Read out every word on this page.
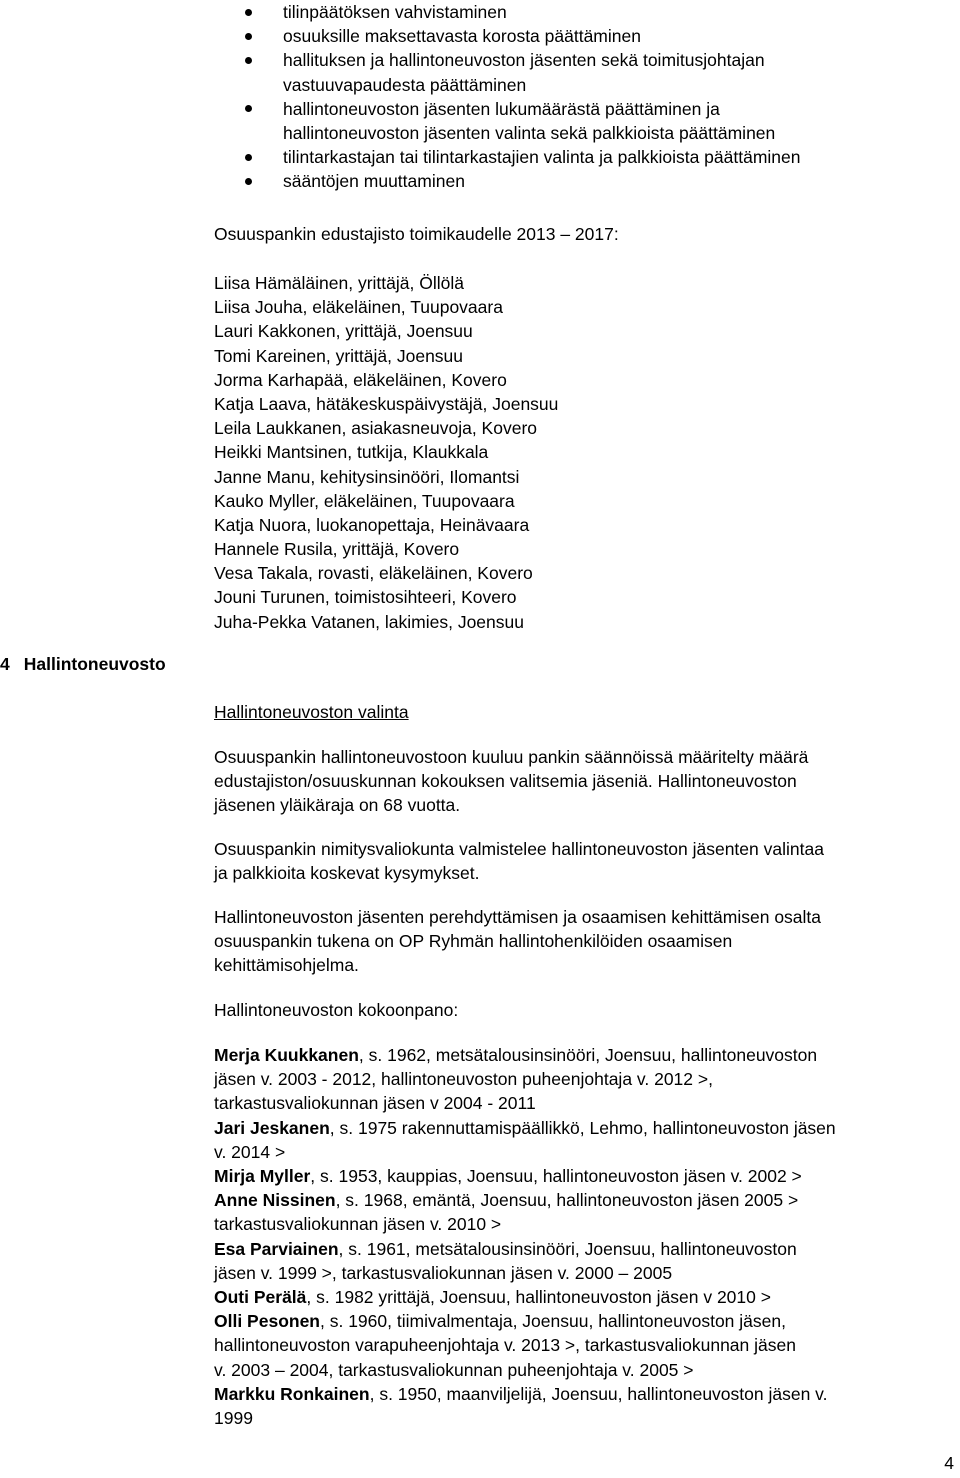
tilinpäätöksen vahvistaminen
osuuksille maksettavasta korosta päättäminen
hallituksen ja hallintoneuvoston jäsenten sekä toimitusjohtajan
vastuuvapaudesta päättäminen
hallintoneuvoston jäsenten lukumäärästä päättäminen ja
hallintoneuvoston jäsenten valinta sekä palkkioista päättäminen
tilintarkastajan tai tilintarkastajien valinta ja palkkioista päättäminen
sääntöjen muuttaminen
Osuuspankin edustajisto toimikaudelle 2013 – 2017:
Liisa Hämäläinen, yrittäjä, Öllölä
Liisa Jouha, eläkeläinen, Tuupovaara
Lauri Kakkonen, yrittäjä, Joensuu
Tomi Kareinen, yrittäjä, Joensuu
Jorma Karhapää, eläkeläinen, Kovero
Katja Laava, hätäkeskuspäivystäjä, Joensuu
Leila Laukkanen, asiakasneuvoja, Kovero
Heikki Mantsinen, tutkija, Klaukkala
Janne Manu, kehitysinsinööri, Ilomantsi
Kauko Myller, eläkeläinen, Tuupovaara
Katja Nuora, luokanopettaja, Heinävaara
Hannele Rusila, yrittäjä, Kovero
Vesa Takala, rovasti, eläkeläinen, Kovero
Jouni Turunen, toimistosihteeri, Kovero
Juha-Pekka Vatanen, lakimies, Joensuu
4 Hallintoneuvosto
Hallintoneuvoston valinta
Osuuspankin hallintoneuvostoon kuuluu pankin säännöissä määritelty määrä
edustajiston/osuuskunnan kokouksen valitsemia jäseniä. Hallintoneuvoston
jäsenen yläikäraja on 68 vuotta.
Osuuspankin nimitysvaliokunta valmistelee hallintoneuvoston jäsenten valintaa
ja palkkioita koskevat kysymykset.
Hallintoneuvoston jäsenten perehdyttämisen ja osaamisen kehittämisen osalta
osuuspankin tukena on OP Ryhmän hallintohenkilöiden osaamisen
kehittämisohjelma.
Hallintoneuvoston kokoonpano:
Merja Kuukkanen, s. 1962, metsätalousinsinööri, Joensuu, hallintoneuvoston
jäsen v. 2003 - 2012, hallintoneuvoston puheenjohtaja v. 2012 >,
tarkastusvaliokunnan jäsen v 2004 - 2011
Jari Jeskanen, s. 1975 rakennuttamispäällikkö, Lehmo, hallintoneuvoston jäsen
v. 2014 >
Mirja Myller, s. 1953, kauppias, Joensuu, hallintoneuvoston jäsen v. 2002 >
Anne Nissinen, s. 1968, emäntä, Joensuu, hallintoneuvoston jäsen 2005 >
tarkastusvaliokunnan jäsen v. 2010 >
Esa Parviainen, s. 1961, metsätalousinsinööri, Joensuu, hallintoneuvoston
jäsen v. 1999 >, tarkastusvaliokunnan jäsen v. 2000 – 2005
Outi Perälä, s. 1982 yrittäjä, Joensuu, hallintoneuvoston jäsen v 2010 >
Olli Pesonen, s. 1960, tiimivalmentaja, Joensuu, hallintoneuvoston jäsen,
hallintoneuvoston varapuheenjohtaja v. 2013 >, tarkastusvaliokunnan jäsen
v. 2003 – 2004, tarkastusvaliokunnan puheenjohtaja v. 2005 >
Markku Ronkainen, s. 1950, maanviljelijä, Joensuu, hallintoneuvoston jäsen v.
1999
4
